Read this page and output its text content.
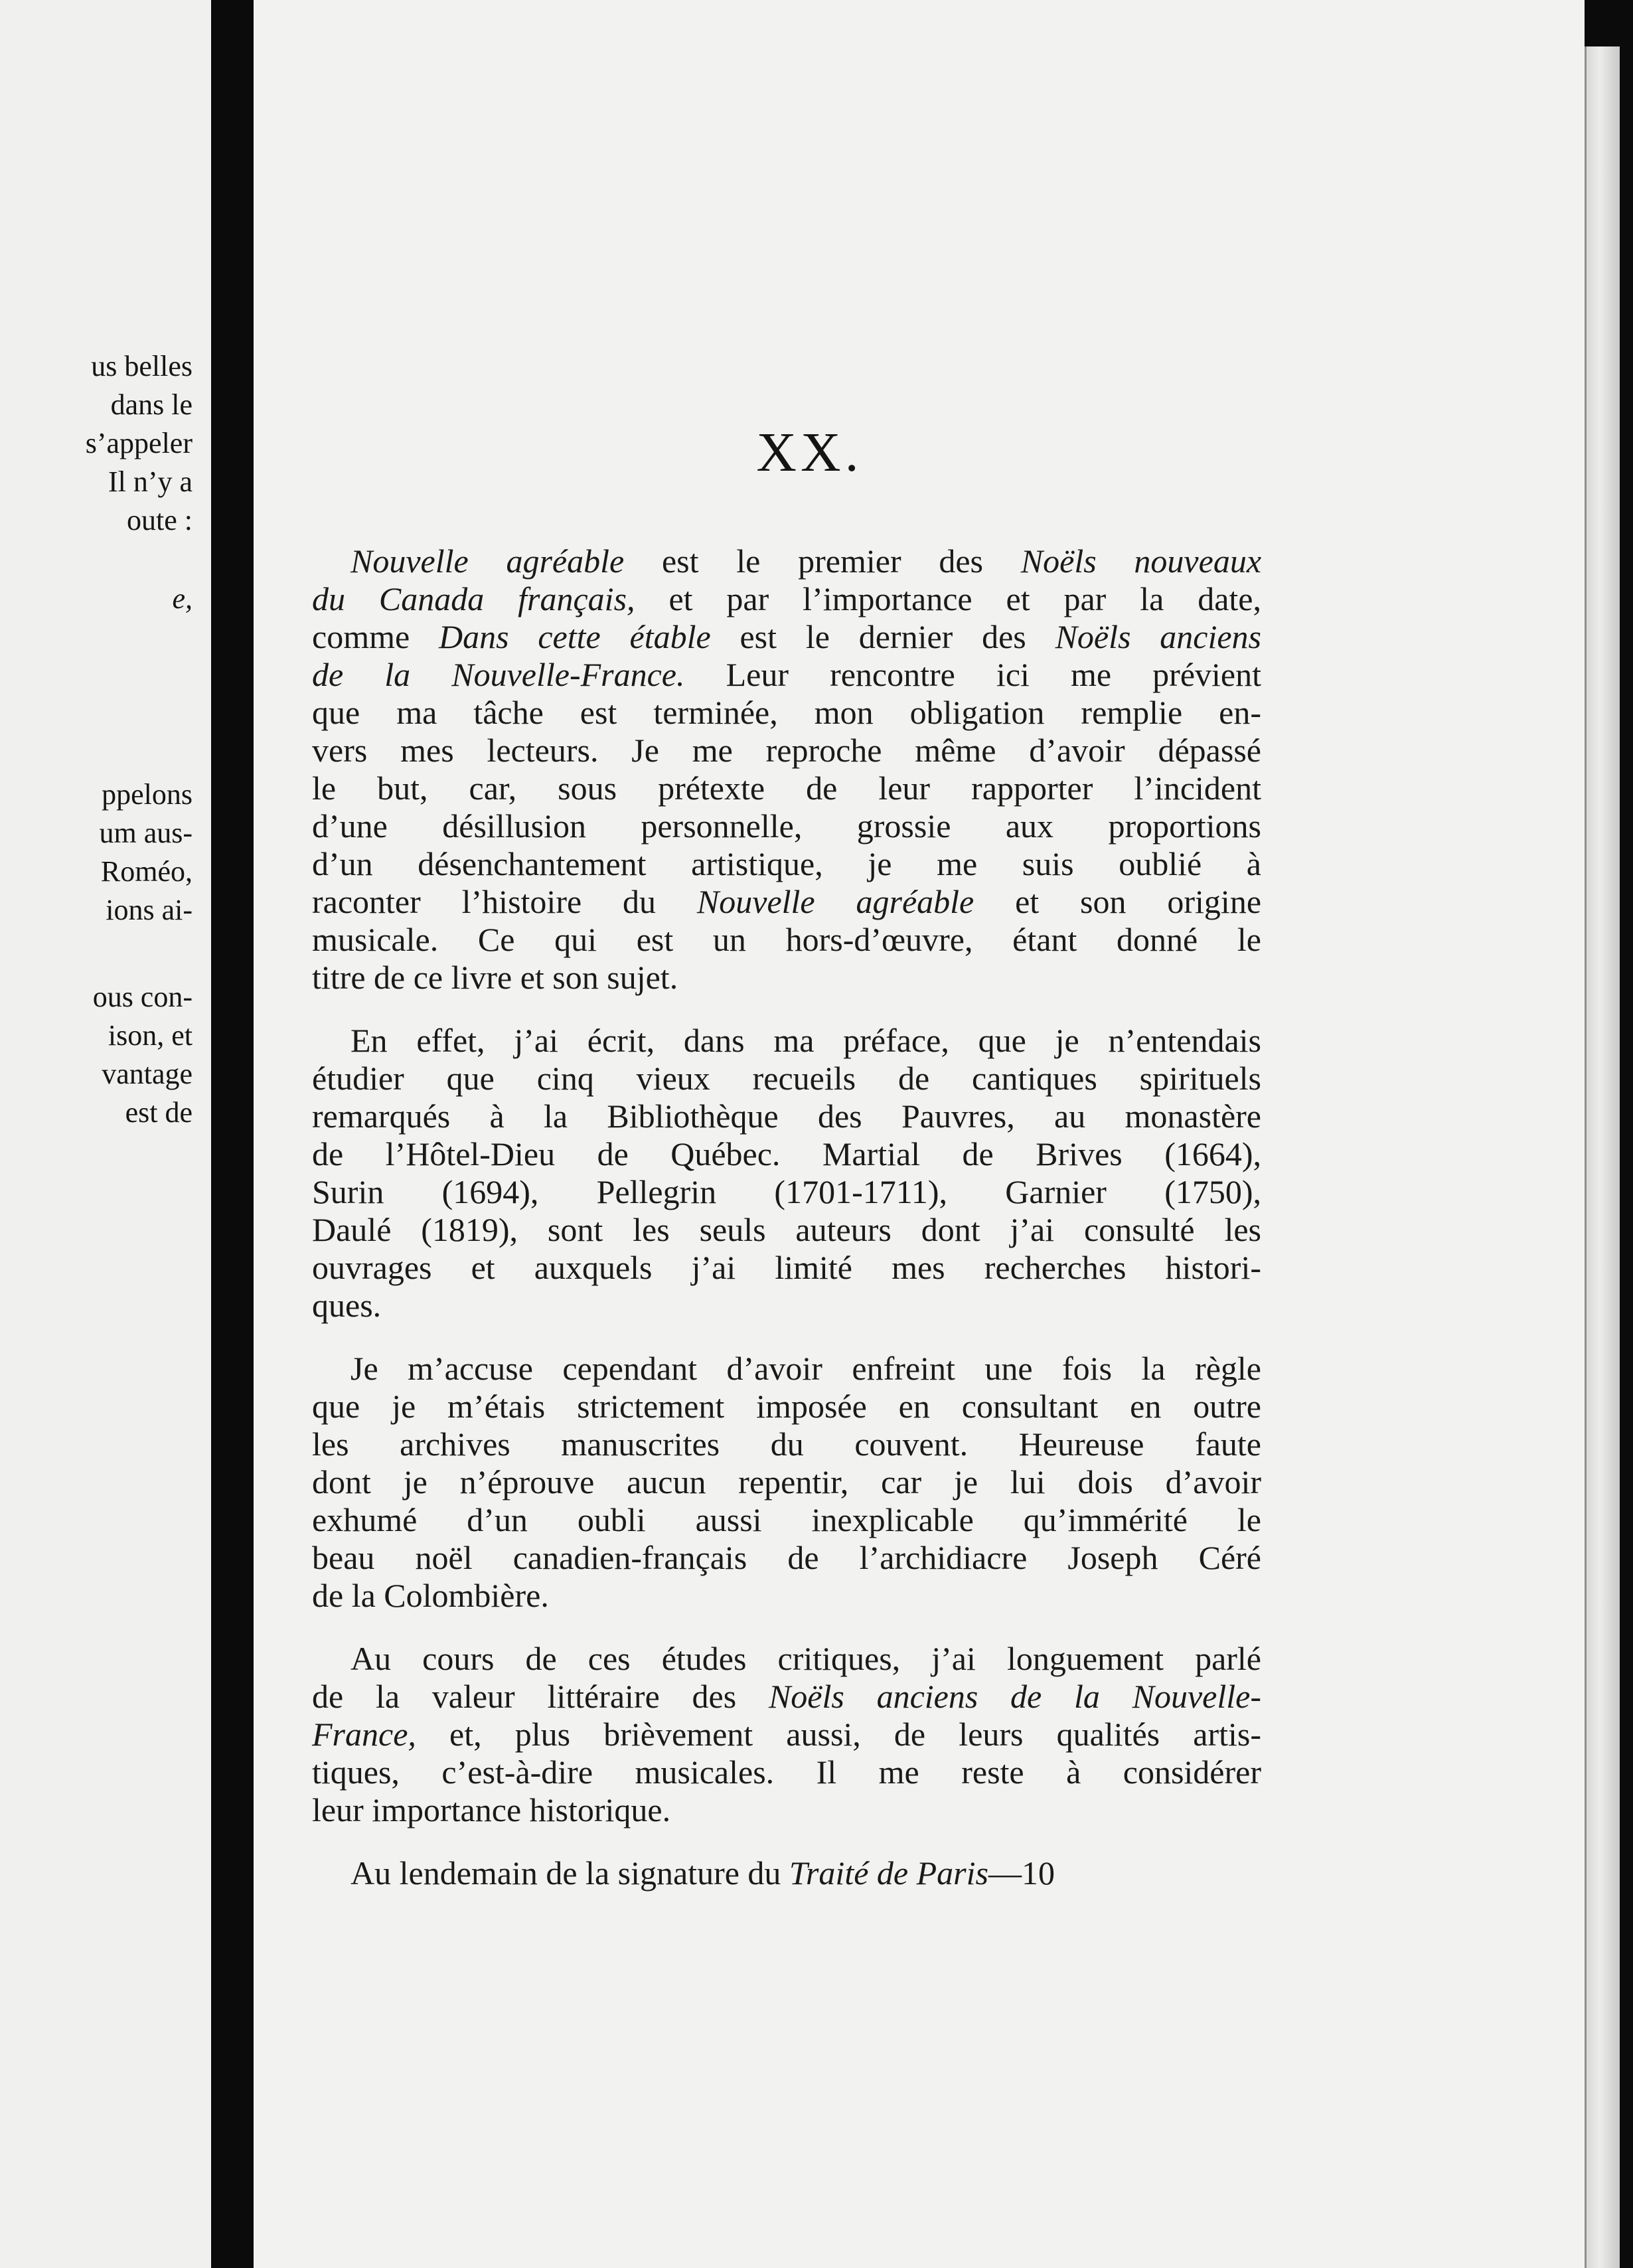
us belles
dans le
s’appeler
Il n’y a
oute :
e,
ppelons
um aus-
Roméo,
ions ai-
ous con-
ison, et
vantage
est de
XX.
Nouvelle agréable est le premier des Noëls nouveaux
du Canada français, et par l’importance et par la date,
comme Dans cette étable est le dernier des Noëls anciens
de la Nouvelle-France. Leur rencontre ici me prévient
que ma tâche est terminée, mon obligation remplie en-
vers mes lecteurs. Je me reproche même d’avoir dépassé
le but, car, sous prétexte de leur rapporter l’incident
d’une désillusion personnelle, grossie aux proportions
d’un désenchantement artistique, je me suis oublié à
raconter l’histoire du Nouvelle agréable et son origine
musicale. Ce qui est un hors-d’œuvre, étant donné le
titre de ce livre et son sujet.
En effet, j’ai écrit, dans ma préface, que je n’entendais
étudier que cinq vieux recueils de cantiques spirituels
remarqués à la Bibliothèque des Pauvres, au monastère
de l’Hôtel-Dieu de Québec. Martial de Brives (1664),
Surin (1694), Pellegrin (1701-1711), Garnier (1750),
Daulé (1819), sont les seuls auteurs dont j’ai consulté les
ouvrages et auxquels j’ai limité mes recherches histori-
ques.
Je m’accuse cependant d’avoir enfreint une fois la règle
que je m’étais strictement imposée en consultant en outre
les archives manuscrites du couvent. Heureuse faute
dont je n’éprouve aucun repentir, car je lui dois d’avoir
exhumé d’un oubli aussi inexplicable qu’immérité le
beau noël canadien-français de l’archidiacre Joseph Céré
de la Colombière.
Au cours de ces études critiques, j’ai longuement parlé
de la valeur littéraire des Noëls anciens de la Nouvelle-
France, et, plus brièvement aussi, de leurs qualités artis-
tiques, c’est-à-dire musicales. Il me reste à considérer
leur importance historique.
Au lendemain de la signature du Traité de Paris—10
◐
